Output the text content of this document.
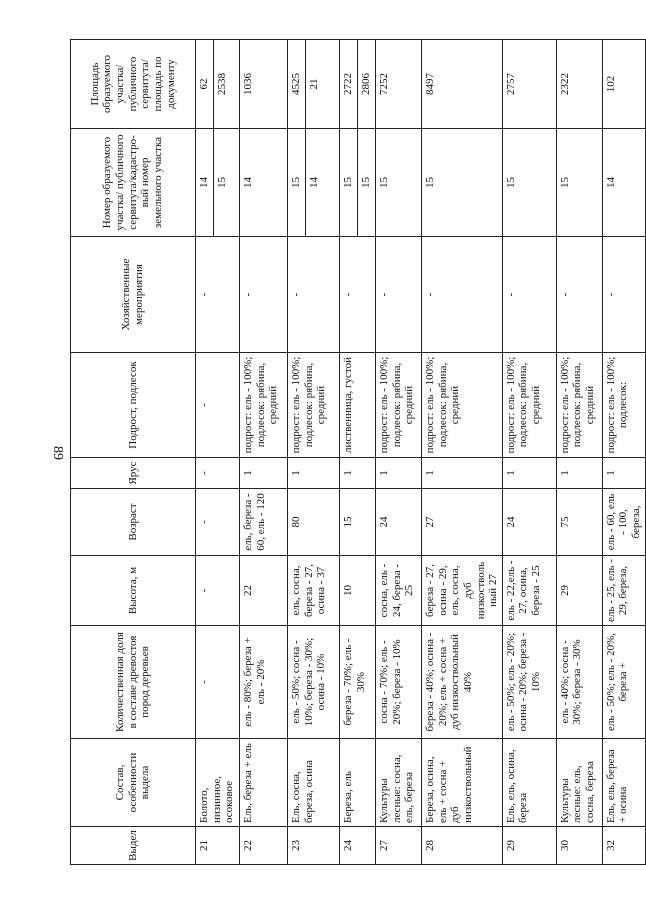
89
Выдел	Состав, особенности выдела	Количественная доля в составе древостоя пород деревьев	Высота, м	Возраст	Ярус	Подрост, подлесок	Хозяйственные мероприятия	Номер образуемого участка/ публичного сервитута/кадастро-вый номер земельного участка	Площадь образуемого участка/ публичного сервитута/площадь по документу
21	Болото, низинное, осоковое	-	-	-	-	-	-	14 15	62 2538

22	Ель, береза + ель	ель - 80%; береза + ель - 20%	22	ель, береза - 60, ель - 120	1	подрост: ель - 100%; подлесок: рябина, средний	-	14	1036
23	Ель, сосна, береза, осина	ель - 50%; сосна - 10%; береза - 30%; осина - 10%	ель, сосна, береза - 27, осина - 37	80	1	подрост: ель - 100%; подлесок: рябина, средний	-	15 14	4525 21

24	Береза, ель	береза - 70%; ель - 30%	10	15	1	лиственница, густой	-	15 15	2722 2806

27	Культуры лесные: сосна, ель, береза	сосна - 70%; ель - 20%; береза - 10%	сосна, ель - 24, береза - 25	24	1	подрост: ель - 100%; подлесок: рябина, средний	-	15	7252
28	Береза, осина, ель + сосна + дуб низкоствольный	береза - 40%; осина - 20%; ель + сосна + дуб низкоствольный 40%	береза - 27, осина - 29, ель, сосна, дуб низкостволь ный 27	27	1	подрост: ель - 100%; подлесок: рябина, средний	-	15	8497
29	Ель, ель, осина, береза	ель - 50%; ель - 20%; осина - 20%; береза - 10%	ель - 22,ель - 27, осина, береза - 25	24	1	подрост: ель - 100%; подлесок: рябина, средний	-	15	2757
30	Культуры лесные: ель, сосна, береза	ель - 40%; сосна - 30%; береза - 30%	29	75	1	подрост: ель - 100%; подлесок: рябина, средний	-	15	2322
32	Ель, ель, береза + осина	ель - 50%; ель - 20%, береза +	ель - 25, ель - 29, береза,	ель - 60, ель - 100, береза,	1	подрост: ель - 100%; подлесок:	-	14	102
